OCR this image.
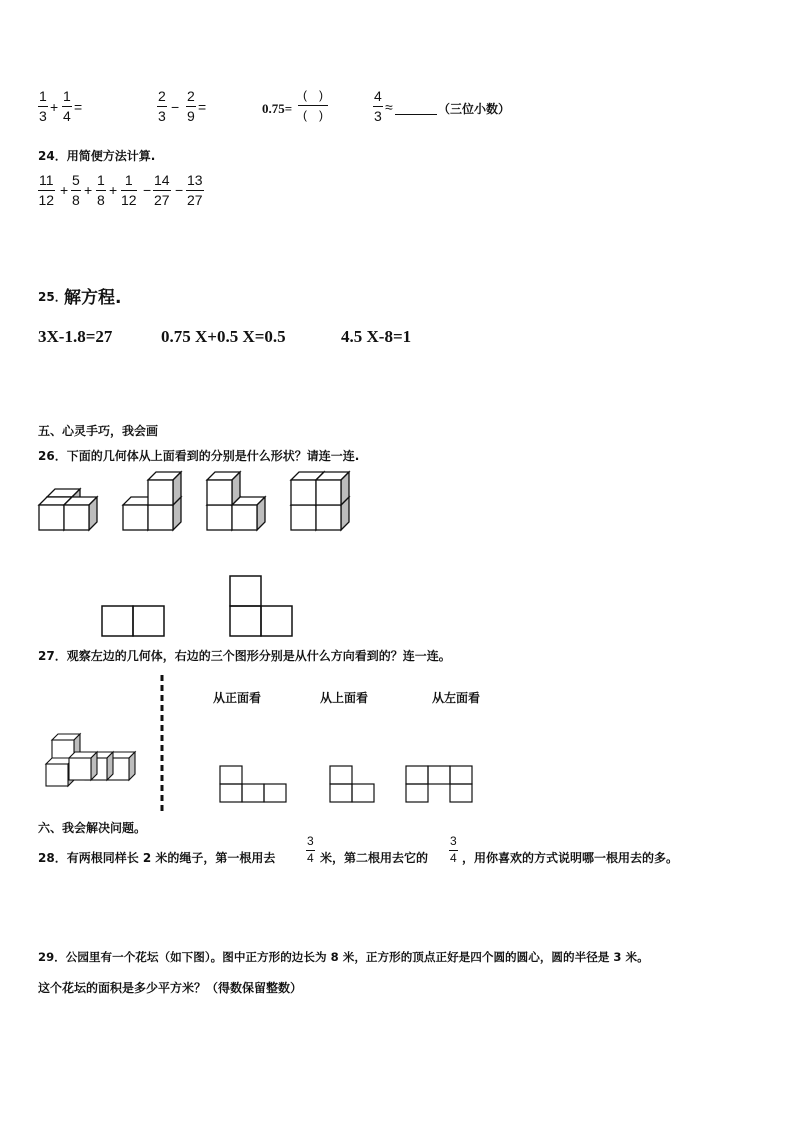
1
3
+
1
4
=
2
3
−
2
9
=	0.75=
(　)
(　)
4
3
≈	（三位小数）
24．用简便方法计算.
11
12
+
5
8
+
1
8
+
1
12
−
14
27
−
13
27
25．
解方程.
3X-1.8=27	0.75 X+0.5 X=0.5	4.5 X-8=1
五、心灵手巧，我会画
26．下面的几何体从上面看到的分别是什么形状？请连一连.
27．观察左边的几何体，右边的三个图形分别是从什么方向看到的？连一连。
从正面看	从上面看	从左面看
六、我会解决问题。
28．有两根同样长 2 米的绳子，第一根用去
3
4 米，第二根用去它的
3
4 ，用你喜欢的方式说明哪一根用去的多。
29．公园里有一个花坛（如下图）。图中正方形的边长为 8 米，正方形的顶点正好是四个圆的圆心，圆的半径是 3 米。
这个花坛的面积是多少平方米？（得数保留整数）
